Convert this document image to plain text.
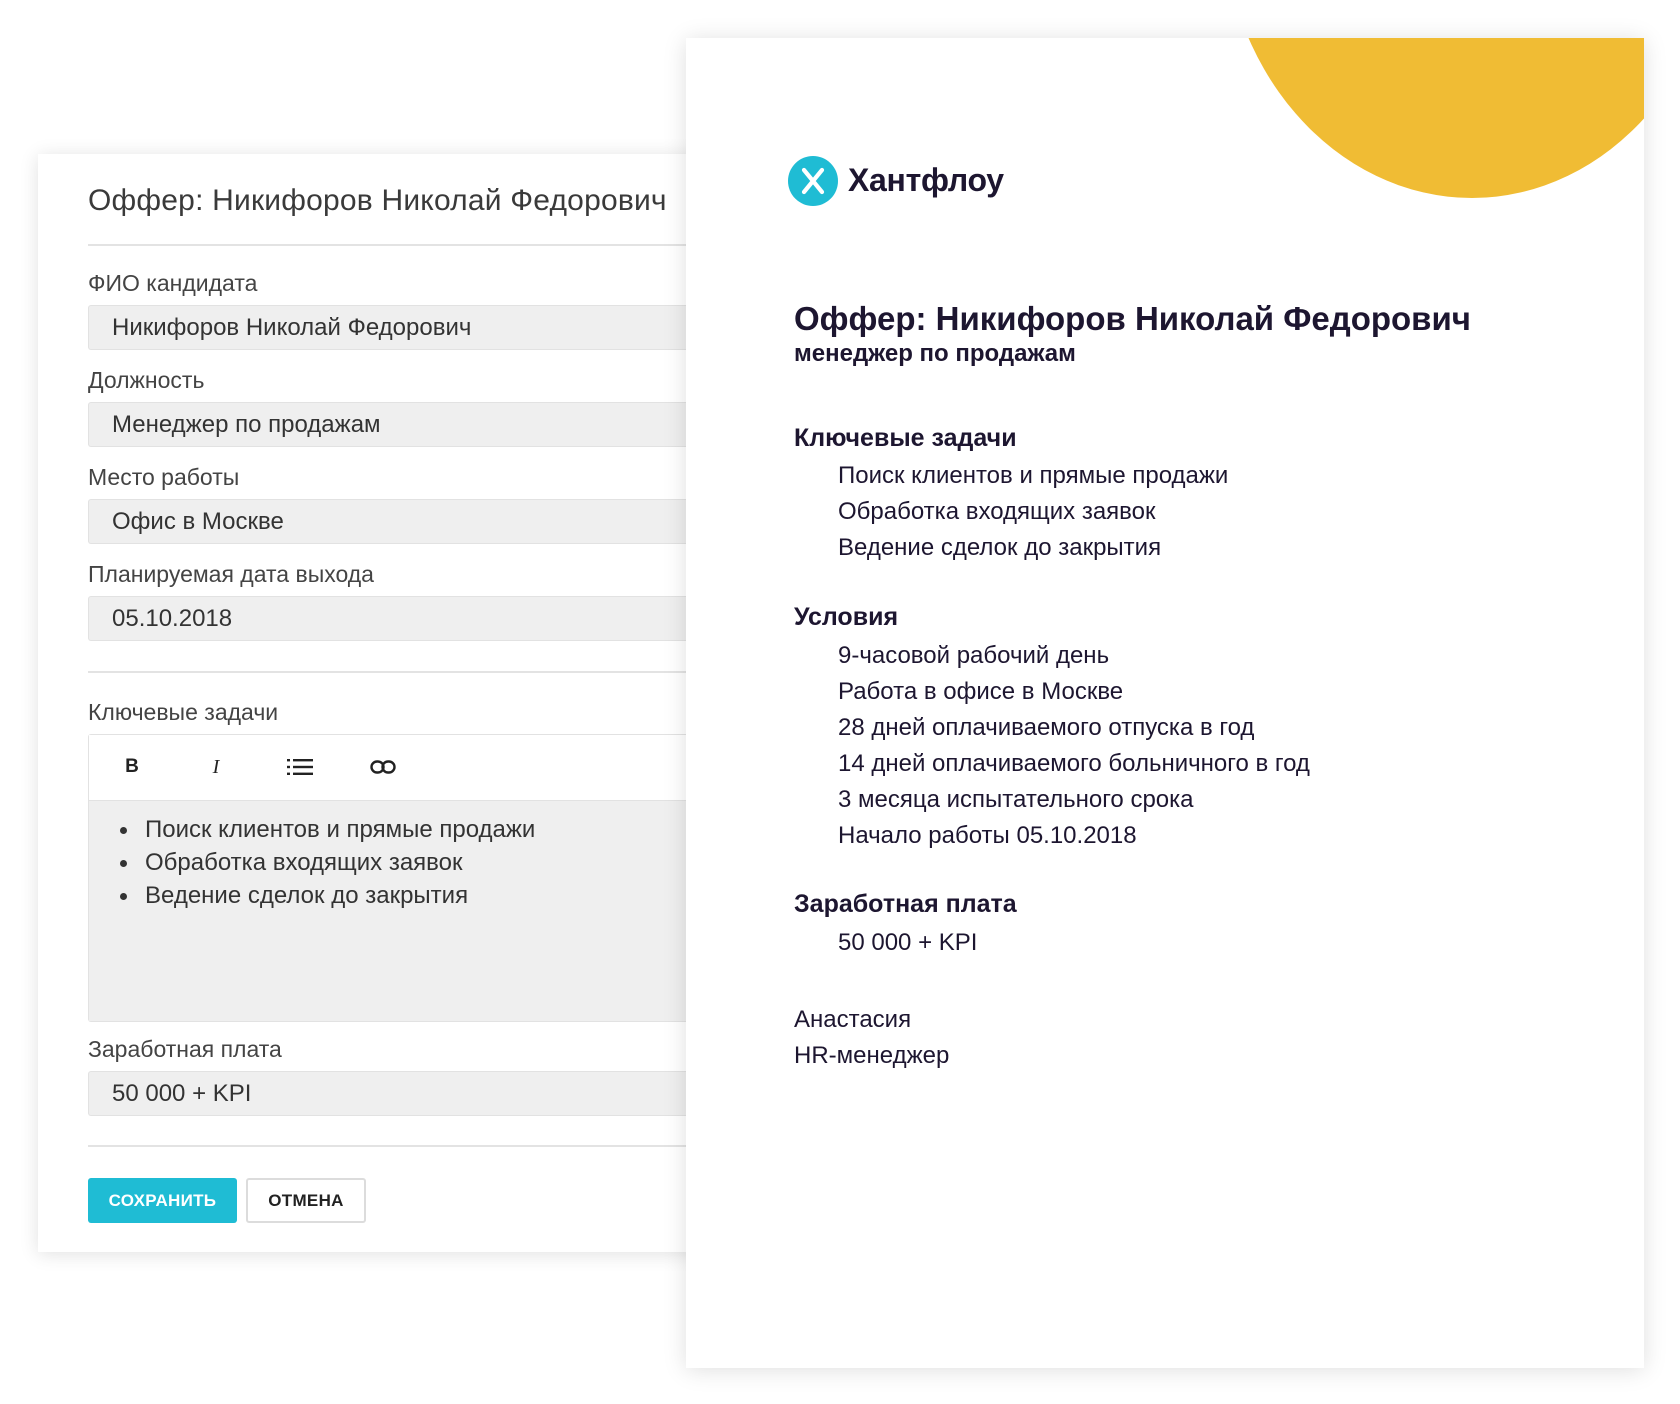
Оффер: Никифоров Николай Федорович
ФИО кандидата
Никифоров Николай Федорович
Должность
Менеджер по продажам
Место работы
Офис в Москве
Планируемая дата выхода
05.10.2018
Ключевые задачи
B	I
Поиск клиентов и прямые продажи
Обработка входящих заявок
Ведение сделок до закрытия
Заработная плата
50 000 + KPI
СОХРАНИТЬ	ОТМЕНА
Хантфлоу
Оффер: Никифоров Николай Федорович
менеджер по продажам
Ключевые задачи
Поиск клиентов и прямые продажи
Обработка входящих заявок
Ведение сделок до закрытия
Условия
9-часовой рабочий день
Работа в офисе в Москве
28 дней оплачиваемого отпуска в год
14 дней оплачиваемого больничного в год
3 месяца испытательного срока
Начало работы 05.10.2018
Заработная плата
50 000 + KPI
Анастасия
HR-менеджер
